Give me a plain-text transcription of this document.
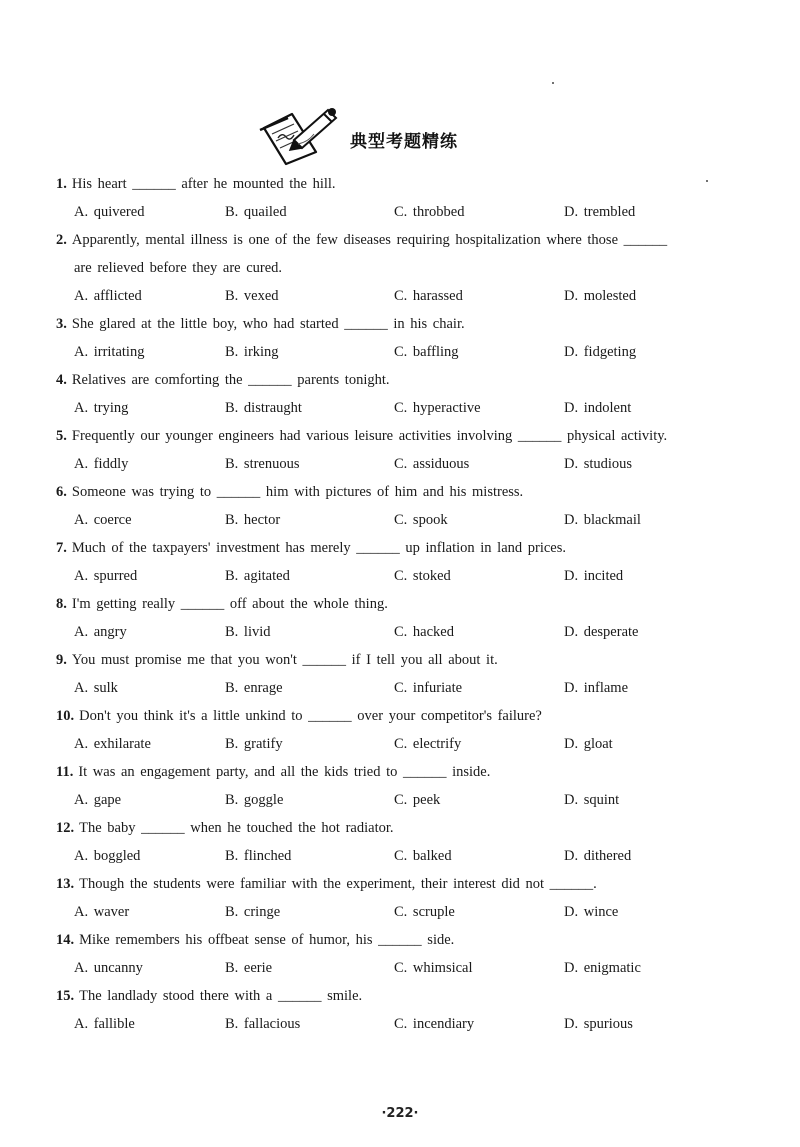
典型考题精练
1. His heart ______ after he mounted the hill.
A. quivered	B. quailed	C. throbbed	D. trembled
2. Apparently, mental illness is one of the few diseases requiring hospitalization where those ______
are relieved before they are cured.
A. afflicted	B. vexed	C. harassed	D. molested
3. She glared at the little boy, who had started ______ in his chair.
A. irritating	B. irking	C. baffling	D. fidgeting
4. Relatives are comforting the ______ parents tonight.
A. trying	B. distraught	C. hyperactive	D. indolent
5. Frequently our younger engineers had various leisure activities involving ______ physical activity.
A. fiddly	B. strenuous	C. assiduous	D. studious
6. Someone was trying to ______ him with pictures of him and his mistress.
A. coerce	B. hector	C. spook	D. blackmail
7. Much of the taxpayers' investment has merely ______ up inflation in land prices.
A. spurred	B. agitated	C. stoked	D. incited
8. I'm getting really ______ off about the whole thing.
A. angry	B. livid	C. hacked	D. desperate
9. You must promise me that you won't ______ if I tell you all about it.
A. sulk	B. enrage	C. infuriate	D. inflame
10. Don't you think it's a little unkind to ______ over your competitor's failure?
A. exhilarate	B. gratify	C. electrify	D. gloat
11. It was an engagement party, and all the kids tried to ______ inside.
A. gape	B. goggle	C. peek	D. squint
12. The baby ______ when he touched the hot radiator.
A. boggled	B. flinched	C. balked	D. dithered
13. Though the students were familiar with the experiment, their interest did not ______.
A. waver	B. cringe	C. scruple	D. wince
14. Mike remembers his offbeat sense of humor, his ______ side.
A. uncanny	B. eerie	C. whimsical	D. enigmatic
15. The landlady stood there with a ______ smile.
A. fallible	B. fallacious	C. incendiary	D. spurious
·222·
